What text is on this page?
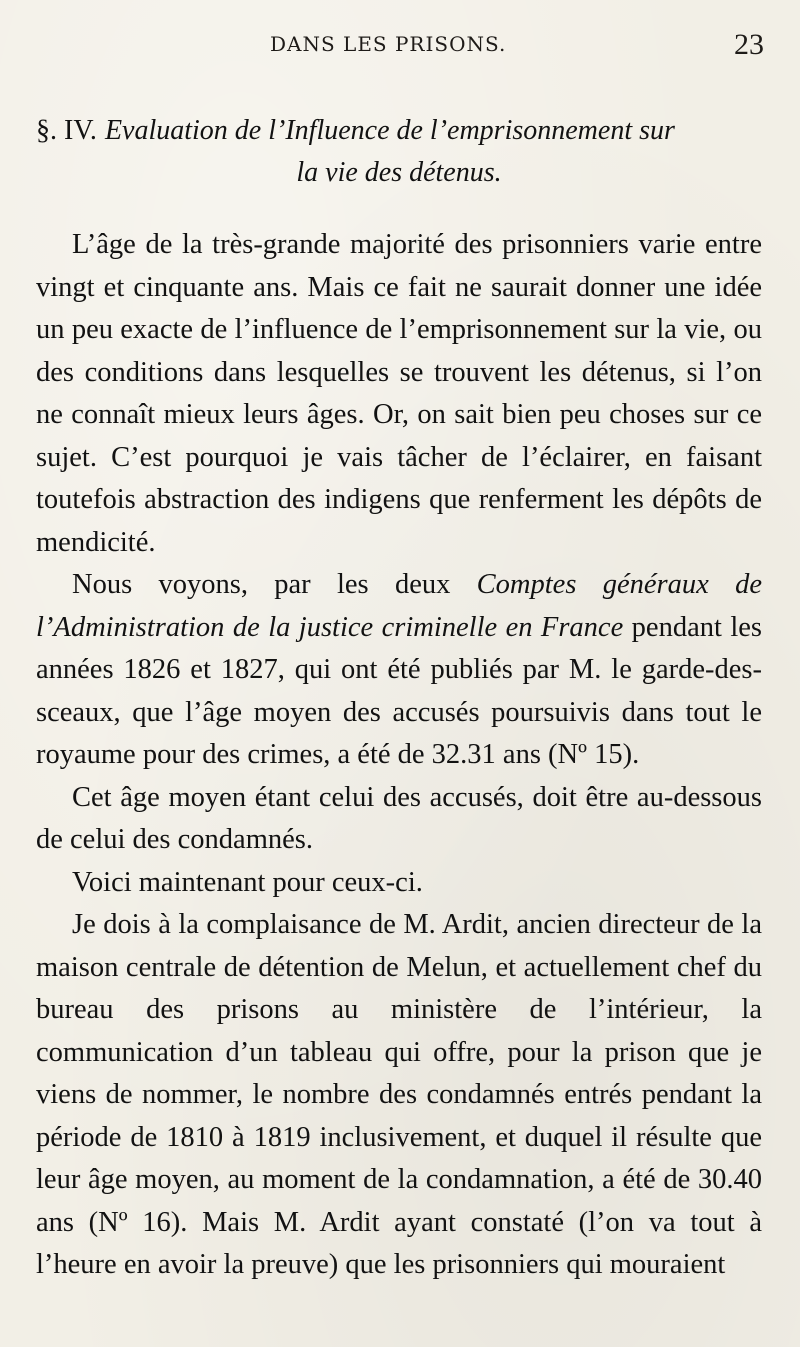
DANS LES PRISONS.	23
§. IV. Evaluation de l’Influence de l’emprisonnement sur
la vie des détenus.

L’âge de la très-grande majorité des prisonniers varie entre vingt et cinquante ans. Mais ce fait ne saurait donner une idée un peu exacte de l’influence de l’emprisonnement sur la vie, ou des conditions dans lesquelles se trouvent les détenus, si l’on ne connaît mieux leurs âges. Or, on sait bien peu choses sur ce sujet. C’est pourquoi je vais tâcher de l’éclairer, en faisant toutefois abstraction des indigens que renferment les dépôts de mendicité.

Nous voyons, par les deux Comptes généraux de l’Administration de la justice criminelle en France pendant les années 1826 et 1827, qui ont été publiés par M. le garde-des-sceaux, que l’âge moyen des accusés poursuivis dans tout le royaume pour des crimes, a été de 32.31 ans (Nº 15).

Cet âge moyen étant celui des accusés, doit être au-dessous de celui des condamnés.

Voici maintenant pour ceux-ci.

Je dois à la complaisance de M. Ardit, ancien directeur de la maison centrale de détention de Melun, et actuellement chef du bureau des prisons au ministère de l’intérieur, la communication d’un tableau qui offre, pour la prison que je viens de nommer, le nombre des condamnés entrés pendant la période de 1810 à 1819 inclusivement, et duquel il résulte que leur âge moyen, au moment de la condamnation, a été de 30.40 ans (Nº 16). Mais M. Ardit ayant constaté (l’on va tout à l’heure en avoir la preuve) que les prisonniers qui mouraient
